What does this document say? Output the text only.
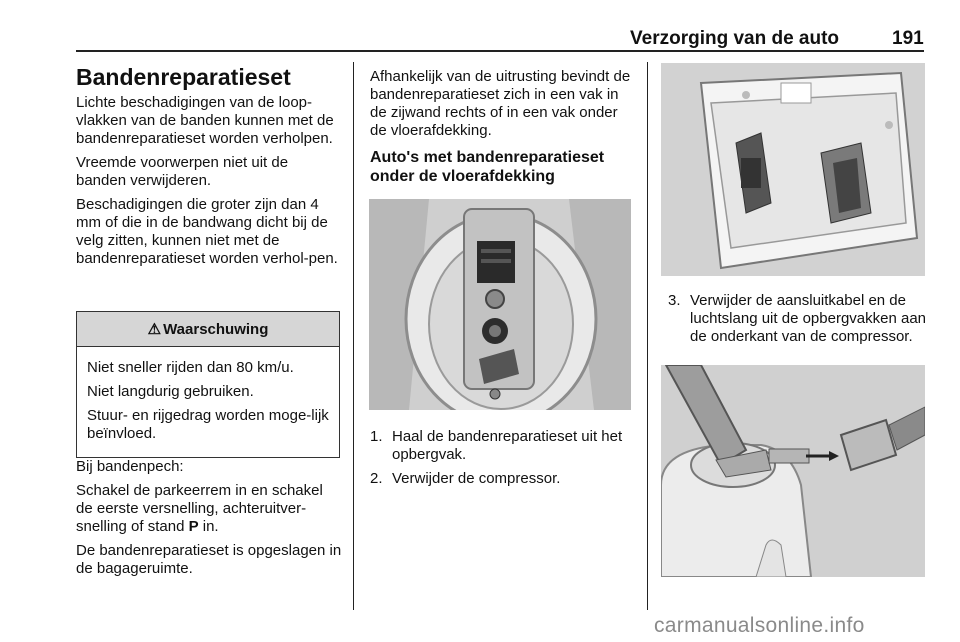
Verzorging van de auto	191
Bandenreparatieset

Lichte beschadigingen van de loop-vlakken van de banden kunnen met de bandenreparatieset worden verholpen.

Vreemde voorwerpen niet uit de banden verwijderen.

Beschadigingen die groter zijn dan 4 mm of die in de bandwang dicht bij de velg zitten, kunnen niet met de bandenreparatieset worden verhol-pen.

⚠ Waarschuwing

Niet sneller rijden dan 80 km/u.

Niet langdurig gebruiken.

Stuur- en rijgedrag worden moge-lijk beïnvloed.

Bij bandenpech:

Schakel de parkeerrem in en schakel de eerste versnelling, achteruitver-snelling of stand P in.

De bandenreparatieset is opgeslagen in de bagageruimte.

Afhankelijk van de uitrusting bevindt de bandenreparatieset zich in een vak in de zijwand rechts of in een vak onder de vloerafdekking.

Auto's met bandenreparatieset onder de vloerafdekking
1. Haal de bandenreparatieset uit het opbergvak.
2. Verwijder de compressor.
3. Verwijder de aansluitkabel en de luchtslang uit de opbergvakken aan de onderkant van de compressor.
carmanualsonline.info
